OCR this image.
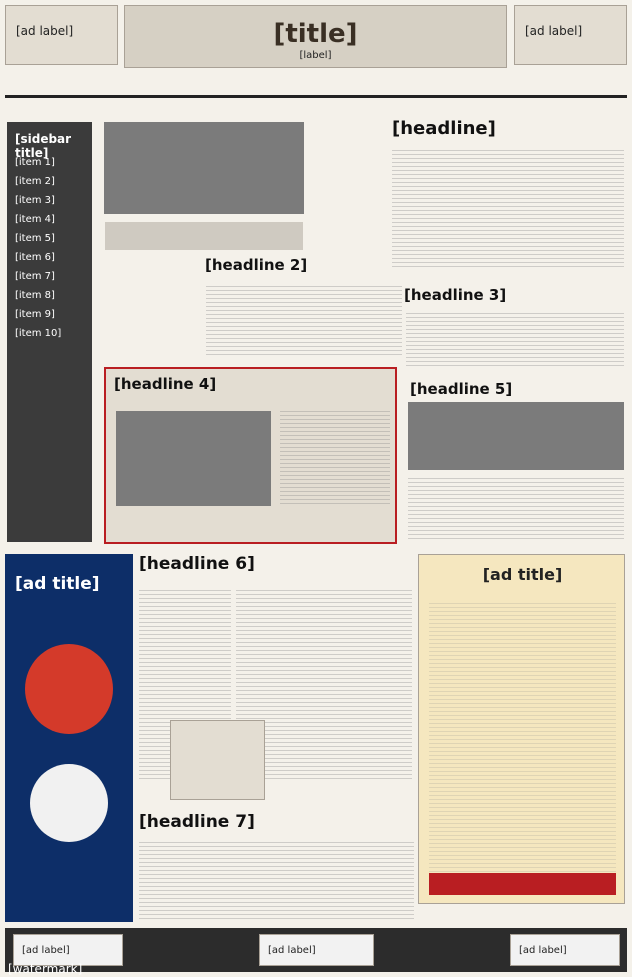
[ad label]	[title]
[label]
[ad label]
[headline]
[headline 2]
[headline 3]
[headline 4]	[headline 5]
[sidebar title]
[item 1]
[item 2]
[item 3]
[item 4]
[item 5]
[item 6]
[item 7]
[item 8]
[item 9]
[item 10]
[ad title]
[headline 6]
[ad title]
[headline 7]
[ad label]	[ad label]	[ad label]
[watermark]
